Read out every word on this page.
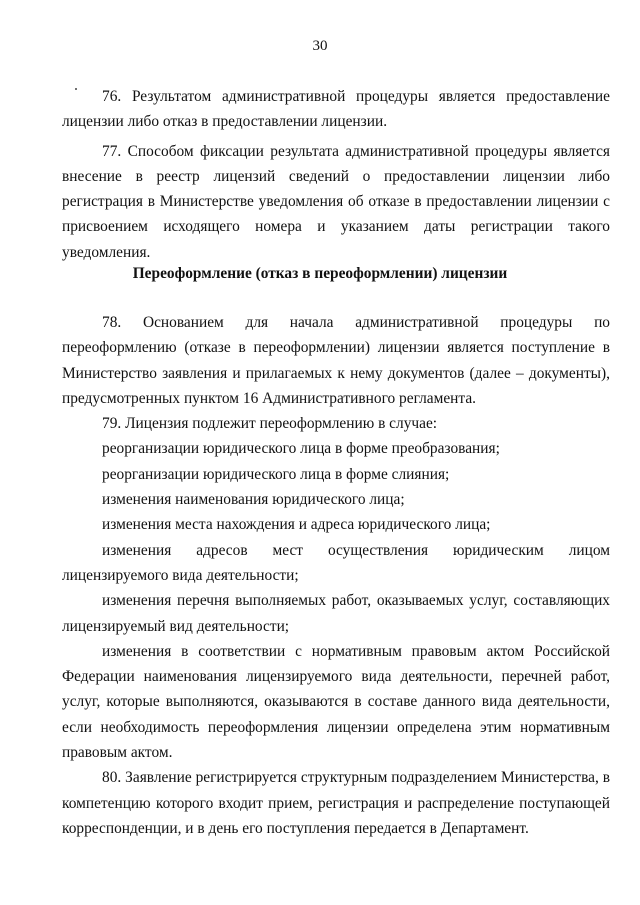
30

76. Результатом административной процедуры является предоставление лицензии либо отказ в предоставлении лицензии.

77. Способом фиксации результата административной процедуры является внесение в реестр лицензий сведений о предоставлении лицензии либо регистрация в Министерстве уведомления об отказе в предоставлении лицензии с присвоением исходящего номера и указанием даты регистрации такого уведомления.

Переоформление (отказ в переоформлении) лицензии

78. Основанием для начала административной процедуры по переоформлению (отказе в переоформлении) лицензии является поступление в Министерство заявления и прилагаемых к нему документов (далее – документы), предусмотренных пунктом 16 Административного регламента.

79. Лицензия подлежит переоформлению в случае:

реорганизации юридического лица в форме преобразования;

реорганизации юридического лица в форме слияния;

изменения наименования юридического лица;

изменения места нахождения и адреса юридического лица;

изменения адресов мест осуществления юридическим лицом лицензируемого вида деятельности;

изменения перечня выполняемых работ, оказываемых услуг, составляющих лицензируемый вид деятельности;

изменения в соответствии с нормативным правовым актом Российской Федерации наименования лицензируемого вида деятельности, перечней работ, услуг, которые выполняются, оказываются в составе данного вида деятельности, если необходимость переоформления лицензии определена этим нормативным правовым актом.

80. Заявление регистрируется структурным подразделением Министерства, в компетенцию которого входит прием, регистрация и распределение поступающей корреспонденции, и в день его поступления передается в Департамент.
